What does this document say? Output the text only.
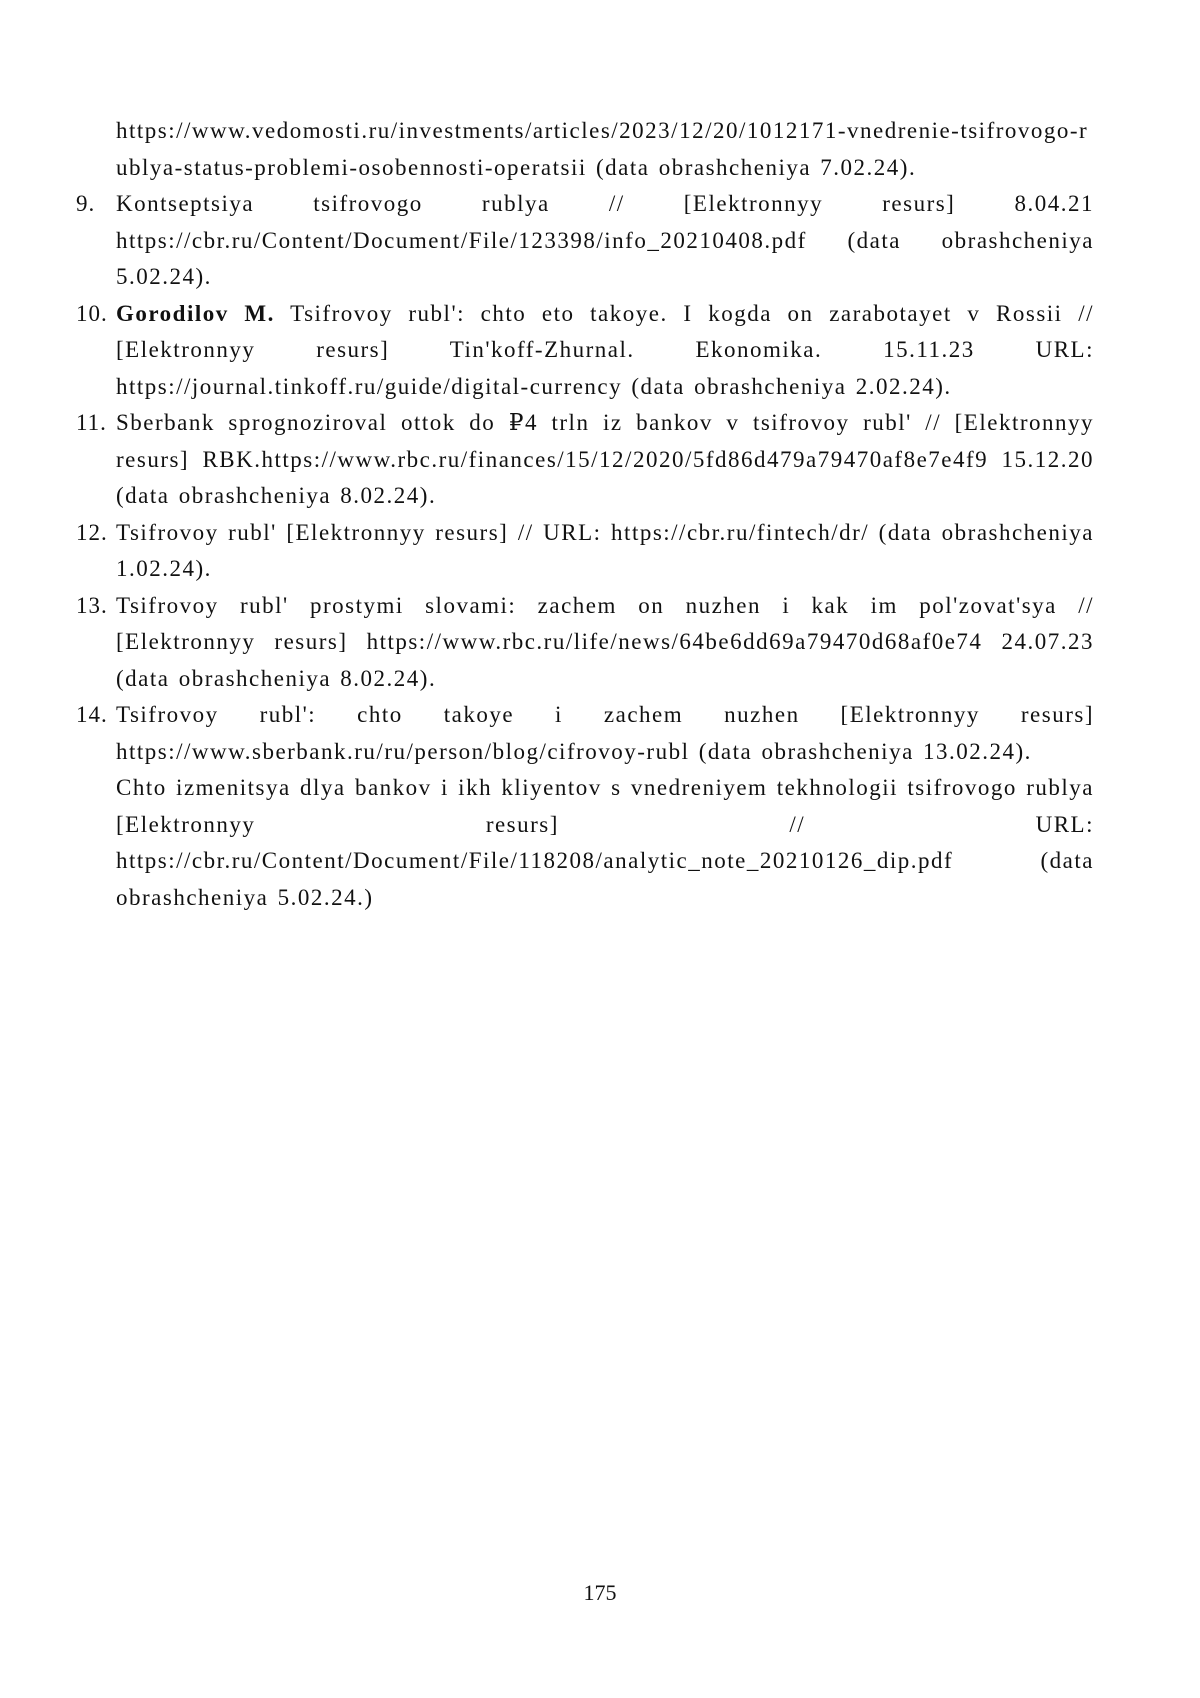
https://www.vedomosti.ru/investments/articles/2023/12/20/1012171-vnedrenie-tsifrovogo-rublya-status-problemi-osobennosti-operatsii (data obrashcheniya 7.02.24).
9. Kontseptsiya tsifrovogo rublya // [Elektronnyy resurs] 8.04.21 https://cbr.ru/Content/Document/File/123398/info_20210408.pdf (data obrashcheniya 5.02.24).
10. Gorodilov M. Tsifrovoy rubl': chto eto takoye. I kogda on zarabotayet v Rossii // [Elektronnyy resurs] Tin'koff-Zhurnal. Ekonomika. 15.11.23 URL: https://journal.tinkoff.ru/guide/digital-currency (data obrashcheniya 2.02.24).
11. Sberbank sprognoziroval ottok do ₽4 trln iz bankov v tsifrovoy rubl' // [Elektronnyy resurs] RBK.https://www.rbc.ru/finances/15/12/2020/5fd86d479a79470af8e7e4f9 15.12.20 (data obrashcheniya 8.02.24).
12. Tsifrovoy rubl' [Elektronnyy resurs] // URL: https://cbr.ru/fintech/dr/ (data obrashcheniya 1.02.24).
13. Tsifrovoy rubl' prostymi slovami: zachem on nuzhen i kak im pol'zovat'sya // [Elektronnyy resurs] https://www.rbc.ru/life/news/64be6dd69a79470d68af0e74 24.07.23 (data obrashcheniya 8.02.24).
14. Tsifrovoy rubl': chto takoye i zachem nuzhen [Elektronnyy resurs] https://www.sberbank.ru/ru/person/blog/cifrovoy-rubl (data obrashcheniya 13.02.24).
Chto izmenitsya dlya bankov i ikh kliyentov s vnedreniyem tekhnologii tsifrovogo rublya [Elektronnyy resurs] // URL: https://cbr.ru/Content/Document/File/118208/analytic_note_20210126_dip.pdf (data obrashcheniya 5.02.24.)
175
